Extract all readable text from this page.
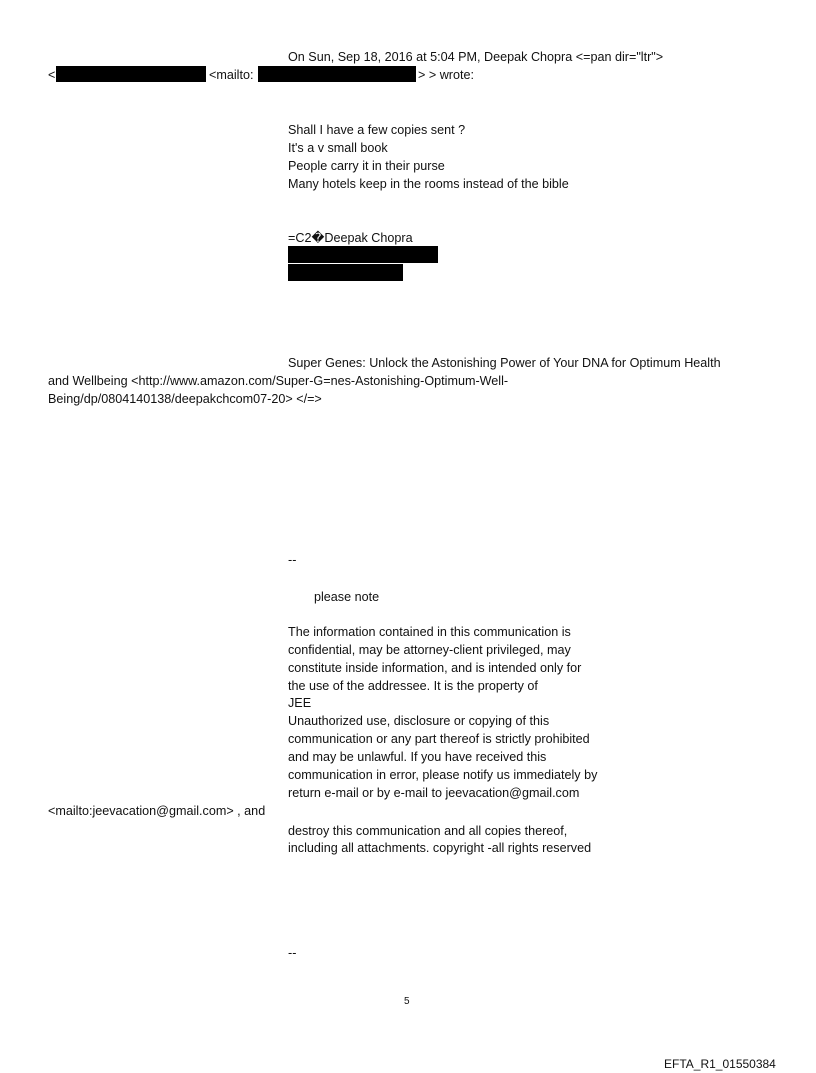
On Sun, Sep 18, 2016 at 5:04 PM, Deepak Chopra <=pan dir="ltr">
<	<mailto:	> > wrote:
Shall I have a few copies sent ?
It's a v small book
People carry it in their purse
Many hotels keep in the rooms instead of the bible
=C2�Deepak Chopra
Super Genes: Unlock the Astonishing Power of Your DNA for Optimum Health
and Wellbeing <http://www.amazon.com/Super-G=nes-Astonishing-Optimum-Well-
Being/dp/0804140138/deepakchcom07-20> </=>
--
please note
The information contained in this communication is
confidential, may be attorney-client privileged, may
constitute inside information, and is intended only for
the use of the addressee. It is the property of
JEE
Unauthorized use, disclosure or copying of this
communication or any part thereof is strictly prohibited
and may be unlawful. If you have received this
communication in error, please notify us immediately by
return e-mail or by e-mail to jeevacation@gmail.com
<mailto:jeevacation@gmail.com> , and
destroy this communication and all copies thereof,
including all attachments. copyright -all rights reserved
--
5
EFTA_R1_01550384
